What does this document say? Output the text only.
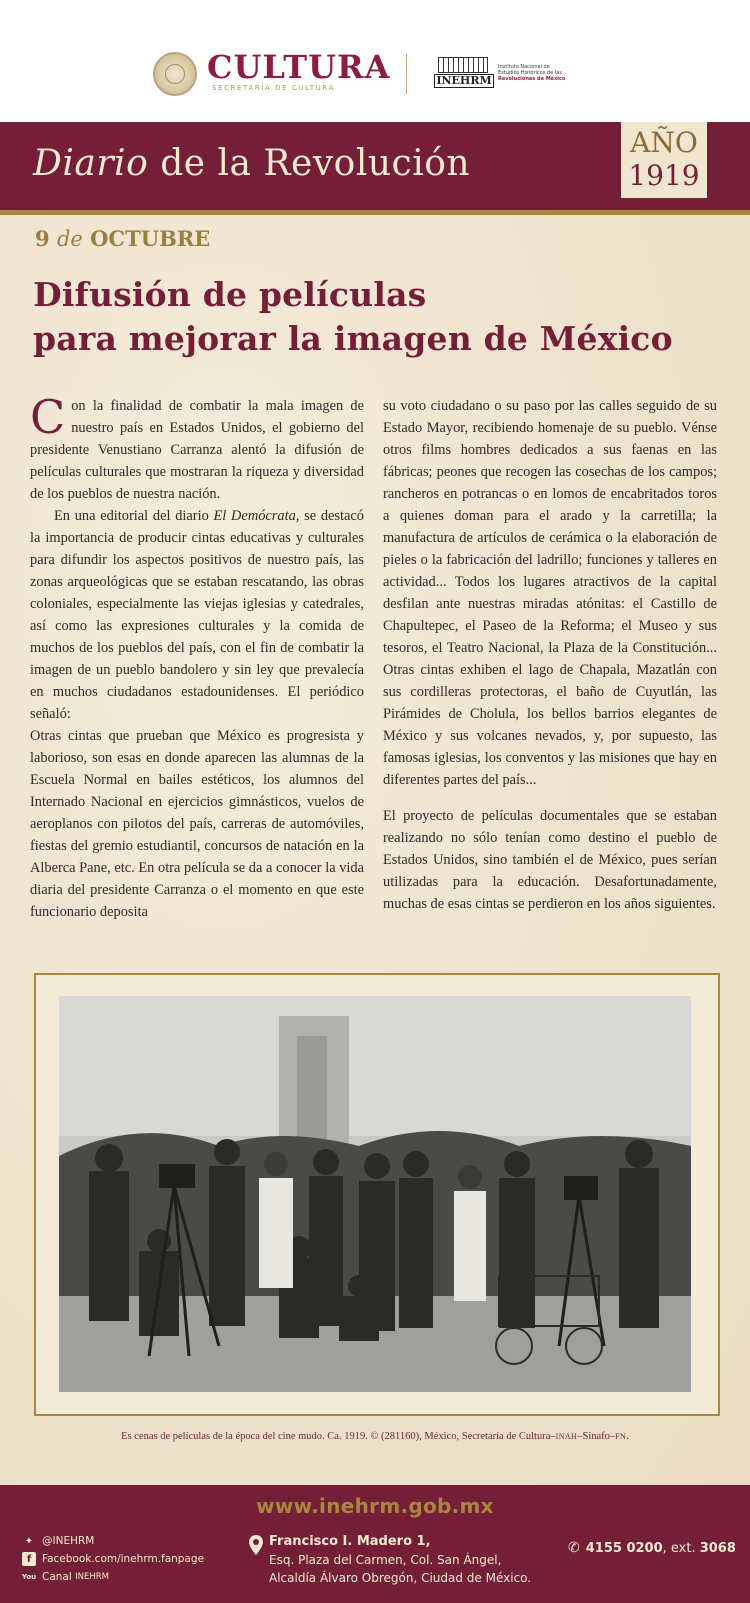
CULTURA
SECRETARÍA DE CULTURA
INEHRM
Instituto Nacional de
Estudios Históricos de las
Revoluciones de México
Diario de la Revolución
AÑO
1919
9 de OCTUBRE
Difusión de películas
para mejorar la imagen de México

Con la finalidad de combatir la mala imagen de nuestro país en Estados Unidos, el gobierno del presidente Venustiano Carranza alentó la difusión de películas culturales que mostraran la riqueza y diversidad de los pueblos de nuestra nación.

En una editorial del diario El Demócrata, se destacó la importancia de producir cintas educativas y culturales para difundir los aspectos positivos de nuestro país, las zonas arqueológicas que se estaban rescatando, las obras coloniales, especialmente las viejas iglesias y catedrales, así como las expresiones culturales y la comida de muchos de los pueblos del país, con el fin de combatir la imagen de un pueblo bandolero y sin ley que prevalecía en muchos ciudadanos estadounidenses. El periódico señaló:

Otras cintas que prueban que México es progresista y laborioso, son esas en donde aparecen las alumnas de la Escuela Normal en bailes estéticos, los alumnos del Internado Nacional en ejercicios gimnásticos, vuelos de aeroplanos con pilotos del país, carreras de automóviles, fiestas del gremio estudiantil, concursos de natación en la Alberca Pane, etc. En otra película se da a conocer la vida diaria del presidente Carranza o el momento en que este funcionario deposita

su voto ciudadano o su paso por las calles seguido de su Estado Mayor, recibiendo homenaje de su pueblo. Vénse otros films hombres dedicados a sus faenas en las fábricas; peones que recogen las cosechas de los campos; rancheros en potrancas o en lomos de encabritados toros a quienes doman para el arado y la carretilla; la manufactura de artículos de cerámica o la elaboración de pieles o la fabricación del ladrillo; funciones y talleres en actividad... Todos los lugares atractivos de la capital desfilan ante nuestras miradas atónitas: el Castillo de Chapultepec, el Paseo de la Reforma; el Museo y sus tesoros, el Teatro Nacional, la Plaza de la Constitución... Otras cintas exhiben el lago de Chapala, Mazatlán con sus cordilleras protectoras, el baño de Cuyutlán, las Pirámides de Cholula, los bellos barrios elegantes de México y sus volcanes nevados, y, por supuesto, las famosas iglesias, los conventos y las misiones que hay en diferentes partes del país...

El proyecto de películas documentales que se estaban realizando no sólo tenían como destino el pueblo de Estados Unidos, sino también el de México, pues serían utilizadas para la educación. Desafortunadamente, muchas de esas cintas se perdieron en los años siguientes.

Es cenas de películas de la época del cine mudo. Ca. 1919. © (281160), México, Secretaría de Cultura–INAH–Sinafo–FN.
www.inehrm.gob.mx
✦ @INEHRM
f	Facebook.com/inehrm.fanpage
You Canal
INEHRM
Francisco I. Madero 1,
Esq. Plaza del Carmen, Col. San Ángel,
Alcaldía Álvaro Obregón, Ciudad de México.
✆ 4155 0200, ext. 3068
